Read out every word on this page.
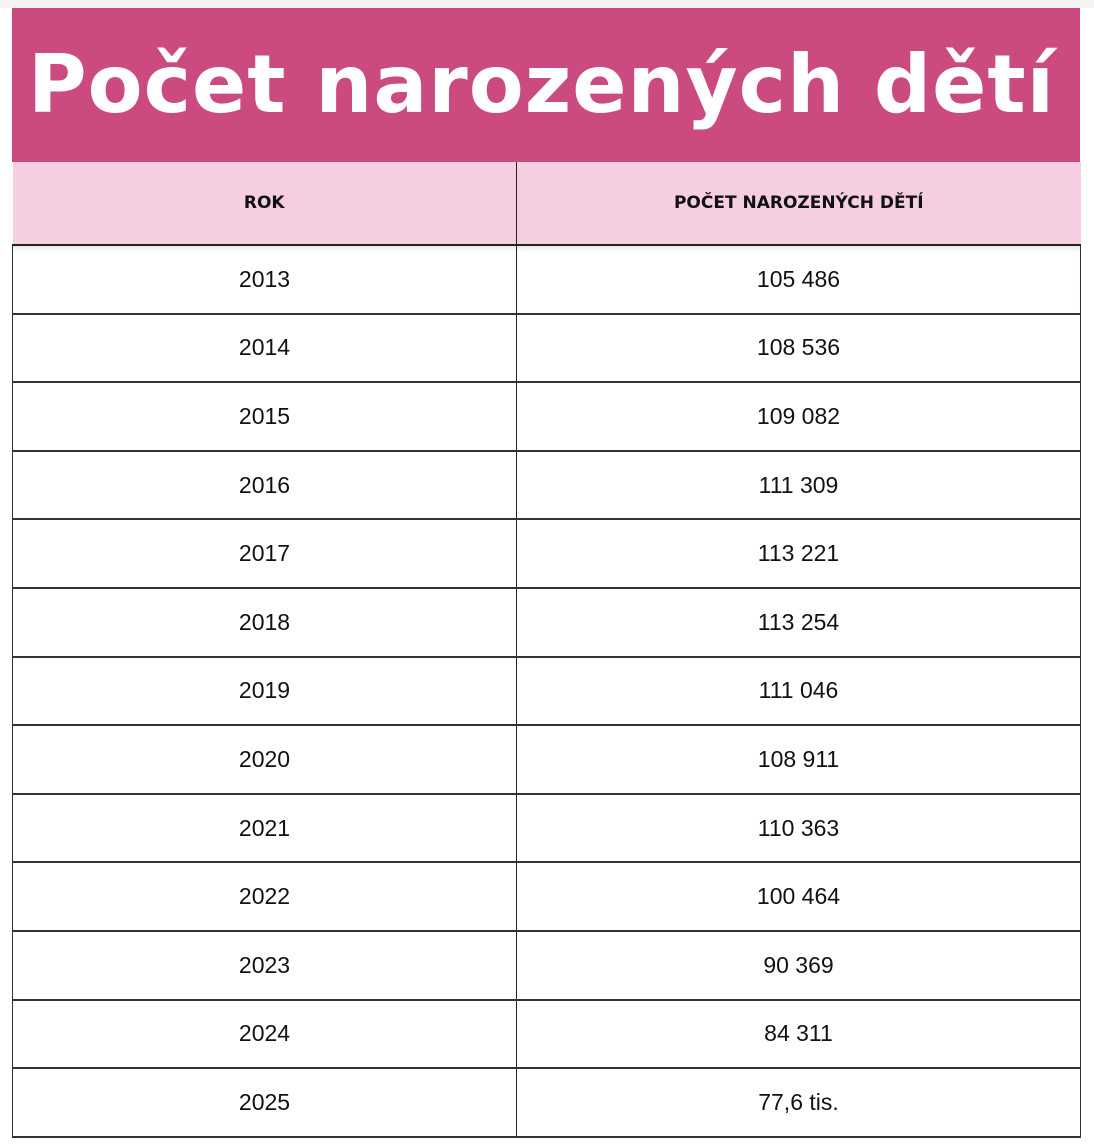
Počet narozených dětí
ROK	POČET NAROZENÝCH DĚTÍ
2013	105 486
2014	108 536
2015	109 082
2016	111 309
2017	113 221
2018	113 254
2019	111 046
2020	108 911
2021	110 363
2022	100 464
2023	90 369
2024	84 311
2025	77,6 tis.
